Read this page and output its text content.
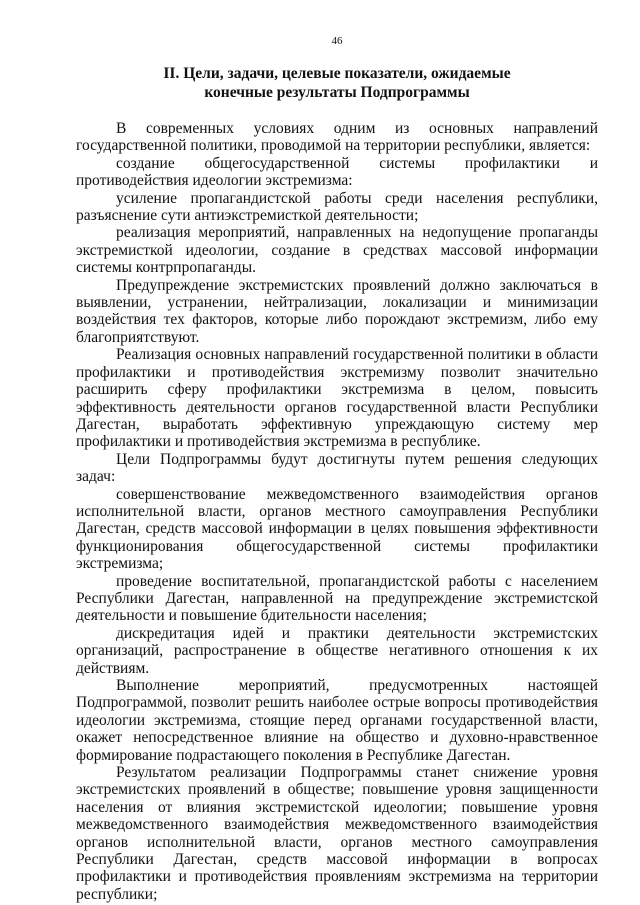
46
II. Цели, задачи, целевые показатели, ожидаемые
конечные результаты Подпрограммы

В современных условиях одним из основных направлений государственной политики, проводимой на территории республики, является:

создание общегосударственной системы профилактики и противодействия идеологии экстремизма:

усиление пропагандистской работы среди населения республики, разъяснение сути антиэкстремисткой деятельности;

реализация мероприятий, направленных на недопущение пропаганды экстремисткой идеологии, создание в средствах массовой информации системы контрпропаганды.

Предупреждение экстремистских проявлений должно заключаться в выявлении, устранении, нейтрализации, локализации и минимизации воздействия тех факторов, которые либо порождают экстремизм, либо ему благоприятствуют.

Реализация основных направлений государственной политики в области профилактики и противодействия экстремизму позволит значительно расширить сферу профилактики экстремизма в целом, повысить эффективность деятельности органов государственной власти Республики Дагестан, выработать эффективную упреждающую систему мер профилактики и противодействия экстремизма в республике.

Цели Подпрограммы будут достигнуты путем решения следующих задач:

совершенствование межведомственного взаимодействия органов исполнительной власти, органов местного самоуправления Республики Дагестан, средств массовой информации в целях повышения эффективности функционирования общегосударственной системы профилактики экстремизма;

проведение воспитательной, пропагандистской работы с населением Республики Дагестан, направленной на предупреждение экстремистской деятельности и повышение бдительности населения;

дискредитация идей и практики деятельности экстремистских организаций, распространение в обществе негативного отношения к их действиям.

Выполнение мероприятий, предусмотренных настоящей Подпрограммой, позволит решить наиболее острые вопросы противодействия идеологии экстремизма, стоящие перед органами государственной власти, окажет непосредственное влияние на общество и духовно-нравственное формирование подрастающего поколения в Республике Дагестан.

Результатом реализации Подпрограммы станет снижение уровня экстремистских проявлений в обществе; повышение уровня защищенности населения от влияния экстремистской идеологии; повышение уровня межведомственного взаимодействия межведомственного взаимодействия органов исполнительной власти, органов местного самоуправления Республики Дагестан, средств массовой информации в вопросах профилактики и противодействия проявлениям экстремизма на территории республики;
